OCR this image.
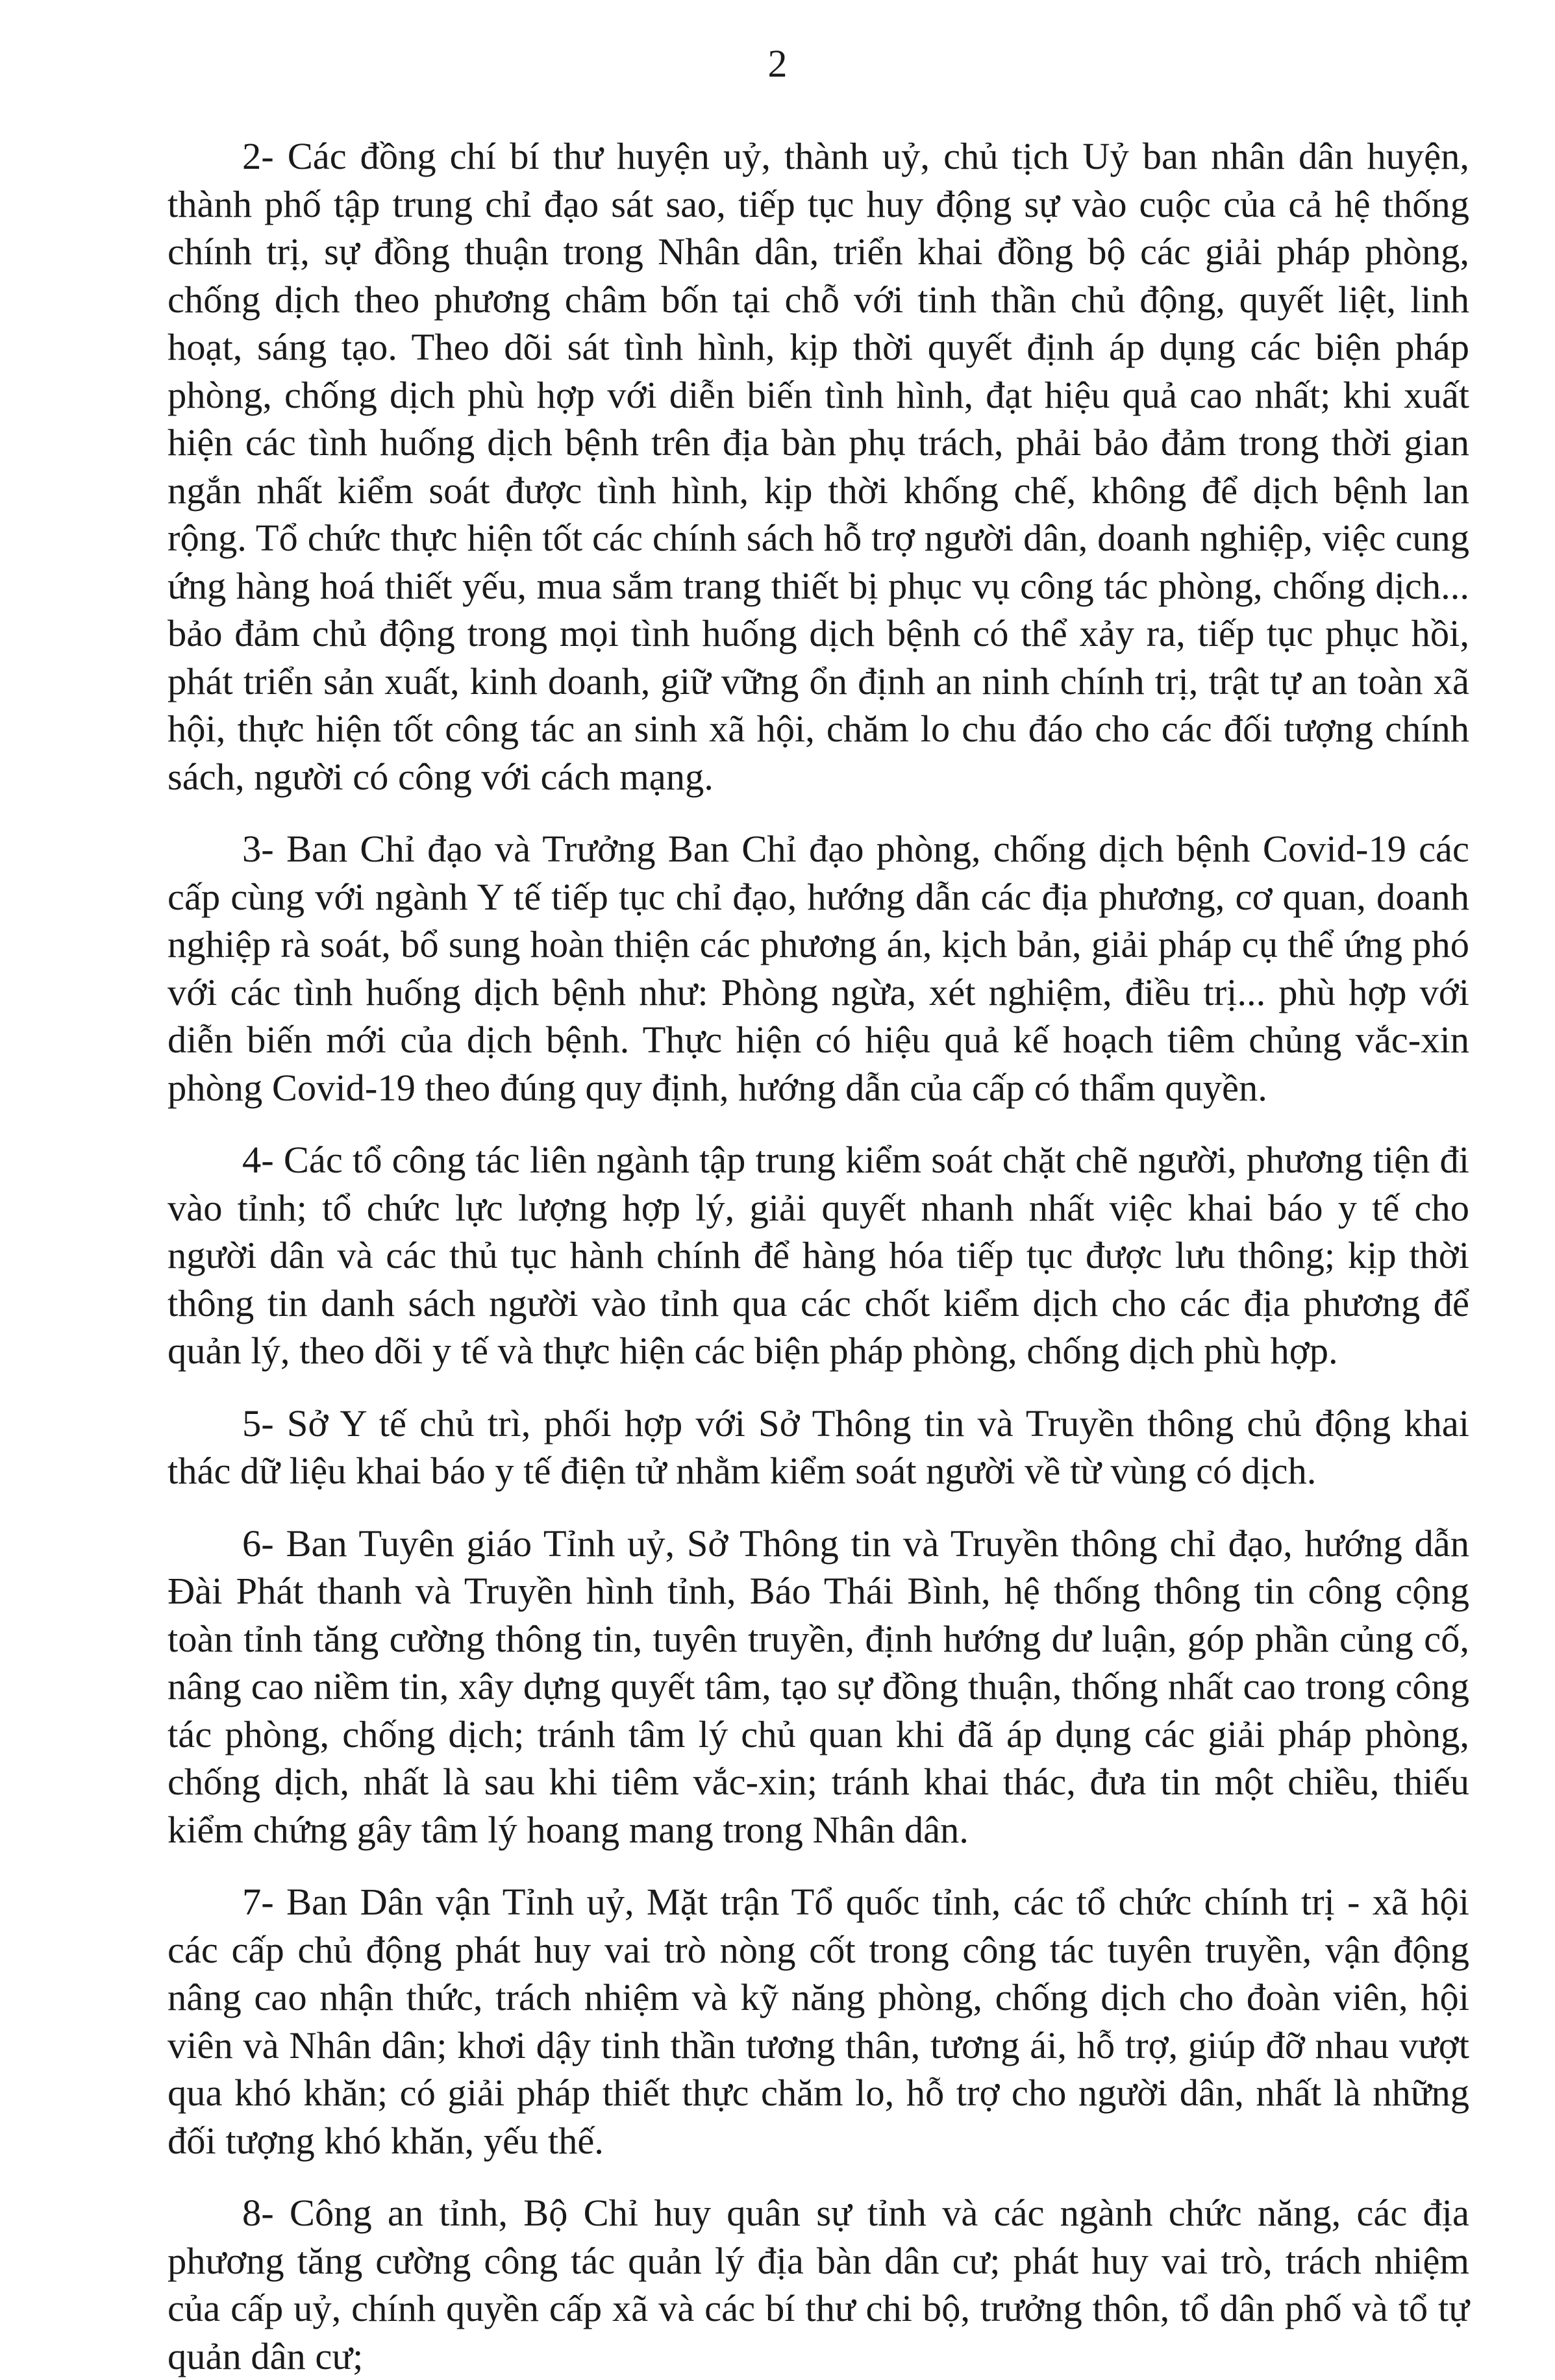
2

2- Các đồng chí bí thư huyện uỷ, thành uỷ, chủ tịch Uỷ ban nhân dân huyện, thành phố tập trung chỉ đạo sát sao, tiếp tục huy động sự vào cuộc của cả hệ thống chính trị, sự đồng thuận trong Nhân dân, triển khai đồng bộ các giải pháp phòng, chống dịch theo phương châm bốn tại chỗ với tinh thần chủ động, quyết liệt, linh hoạt, sáng tạo. Theo dõi sát tình hình, kịp thời quyết định áp dụng các biện pháp phòng, chống dịch phù hợp với diễn biến tình hình, đạt hiệu quả cao nhất; khi xuất hiện các tình huống dịch bệnh trên địa bàn phụ trách, phải bảo đảm trong thời gian ngắn nhất kiểm soát được tình hình, kịp thời khống chế, không để dịch bệnh lan rộng. Tổ chức thực hiện tốt các chính sách hỗ trợ người dân, doanh nghiệp, việc cung ứng hàng hoá thiết yếu, mua sắm trang thiết bị phục vụ công tác phòng, chống dịch... bảo đảm chủ động trong mọi tình huống dịch bệnh có thể xảy ra, tiếp tục phục hồi, phát triển sản xuất, kinh doanh, giữ vững ổn định an ninh chính trị, trật tự an toàn xã hội, thực hiện tốt công tác an sinh xã hội, chăm lo chu đáo cho các đối tượng chính sách, người có công với cách mạng.

3- Ban Chỉ đạo và Trưởng Ban Chỉ đạo phòng, chống dịch bệnh Covid-19 các cấp cùng với ngành Y tế tiếp tục chỉ đạo, hướng dẫn các địa phương, cơ quan, doanh nghiệp rà soát, bổ sung hoàn thiện các phương án, kịch bản, giải pháp cụ thể ứng phó với các tình huống dịch bệnh như: Phòng ngừa, xét nghiệm, điều trị... phù hợp với diễn biến mới của dịch bệnh. Thực hiện có hiệu quả kế hoạch tiêm chủng vắc-xin phòng Covid-19 theo đúng quy định, hướng dẫn của cấp có thẩm quyền.

4- Các tổ công tác liên ngành tập trung kiểm soát chặt chẽ người, phương tiện đi vào tỉnh; tổ chức lực lượng hợp lý, giải quyết nhanh nhất việc khai báo y tế cho người dân và các thủ tục hành chính để hàng hóa tiếp tục được lưu thông; kịp thời thông tin danh sách người vào tỉnh qua các chốt kiểm dịch cho các địa phương để quản lý, theo dõi y tế và thực hiện các biện pháp phòng, chống dịch phù hợp.

5- Sở Y tế chủ trì, phối hợp với Sở Thông tin và Truyền thông chủ động khai thác dữ liệu khai báo y tế điện tử nhằm kiểm soát người về từ vùng có dịch.

6- Ban Tuyên giáo Tỉnh uỷ, Sở Thông tin và Truyền thông chỉ đạo, hướng dẫn Đài Phát thanh và Truyền hình tỉnh, Báo Thái Bình, hệ thống thông tin công cộng toàn tỉnh tăng cường thông tin, tuyên truyền, định hướng dư luận, góp phần củng cố, nâng cao niềm tin, xây dựng quyết tâm, tạo sự đồng thuận, thống nhất cao trong công tác phòng, chống dịch; tránh tâm lý chủ quan khi đã áp dụng các giải pháp phòng, chống dịch, nhất là sau khi tiêm vắc-xin; tránh khai thác, đưa tin một chiều, thiếu kiểm chứng gây tâm lý hoang mang trong Nhân dân.

7- Ban Dân vận Tỉnh uỷ, Mặt trận Tổ quốc tỉnh, các tổ chức chính trị - xã hội các cấp chủ động phát huy vai trò nòng cốt trong công tác tuyên truyền, vận động nâng cao nhận thức, trách nhiệm và kỹ năng phòng, chống dịch cho đoàn viên, hội viên và Nhân dân; khơi dậy tinh thần tương thân, tương ái, hỗ trợ, giúp đỡ nhau vượt qua khó khăn; có giải pháp thiết thực chăm lo, hỗ trợ cho người dân, nhất là những đối tượng khó khăn, yếu thế.

8- Công an tỉnh, Bộ Chỉ huy quân sự tỉnh và các ngành chức năng, các địa phương tăng cường công tác quản lý địa bàn dân cư; phát huy vai trò, trách nhiệm của cấp uỷ, chính quyền cấp xã và các bí thư chi bộ, trưởng thôn, tổ dân phố và tổ tự quản dân cư;
